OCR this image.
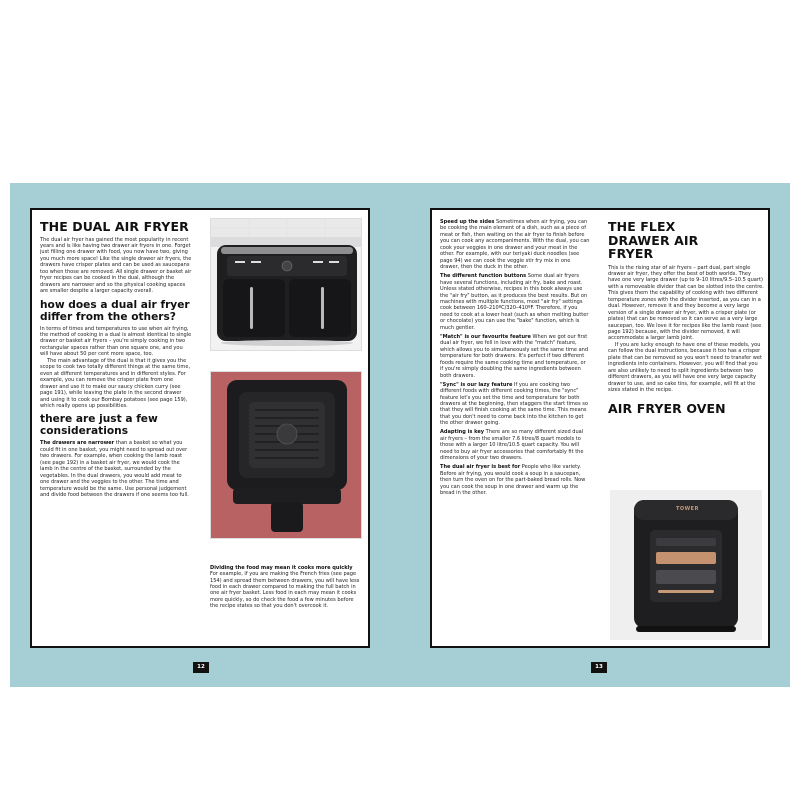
THE DUAL AIR FRYER

The dual air fryer has gained the most popularity in recent years and is like having two drawer air fryers in one. Forget just filling one drawer with food, you now have two, giving you much more space! Like the single drawer air fryers, the drawers have crisper plates and can be used as saucepans too when those are removed. All single drawer or basket air fryer recipes can be cooked in the dual, although the drawers are narrower and so the physical cooking spaces are smaller despite a larger capacity overall.

how does a dual air fryer differ from the others?

In terms of times and temperatures to use when air frying, the method of cooking in a dual is almost identical to single drawer or basket air fryers – you're simply cooking in two rectangular spaces rather than one square one, and you will have about 50 per cent more space, too.

The main advantage of the dual is that it gives you the scope to cook two totally different things at the same time, even at different temperatures and in different styles. For example, you can remove the crisper plate from one drawer and use it to make our saucy chicken curry (see page 191), while leaving the plate in the second drawer and using it to cook our Bombay potatoes (see page 159), which really opens up possibilities.

there are just a few considerations

The drawers are narrower than a basket so what you could fit in one basket, you might need to spread out over two drawers. For example, when cooking the lamb roast (see page 192) in a basket air fryer, we would cook the lamb in the centre of the basket, surrounded by the vegetables. In the dual drawers, you would add meat to one drawer and the veggies to the other. The time and temperature would be the same. Use personal judgement and divide food between the drawers if one seems too full.

Dividing the food may mean it cooks more quickly For example, if you are making the French fries (see page 154) and spread them between drawers, you will have less food in each drawer compared to making the full batch in one air fryer basket. Less food in each may mean it cooks more quickly, so do check the food a few minutes before the recipe states so that you don't overcook it.

Speed up the sides Sometimes when air frying, you can be cooking the main element of a dish, such as a piece of meat or fish, then waiting on the air fryer to finish before you can cook any accompaniments. With the dual, you can cook your veggies in one drawer and your meat in the other. For example, with our teriyaki duck noodles (see page 94) we can cook the veggie stir fry mix in one drawer, then the duck in the other.

The different function buttons Some dual air fryers have several functions, including air fry, bake and roast. Unless stated otherwise, recipes in this book always use the "air fry" button, as it produces the best results. But on machines with multiple functions, most "air fry" settings cook between 160–210ºC/320–410ºF. Therefore, if you need to cook at a lower heat (such as when melting butter or chocolate) you can use the "bake" function, which is much gentler.

"Match" is our favourite feature When we got our first dual air fryer, we fell in love with the "match" feature, which allows you to simultaneously set the same time and temperature for both drawers. It's perfect if two different foods require the same cooking time and temperature, or if you're simply doubling the same ingredients between both drawers.

"Sync" is our lazy feature If you are cooking two different foods with different cooking times, the "sync" feature let's you set the time and temperature for both drawers at the beginning, then staggers the start times so that they will finish cooking at the same time. This means that you don't need to come back into the kitchen to get the other drawer going.

Adapting is key There are so many different sized dual air fryers – from the smaller 7.6 litres/8 quart models to those with a larger 10 litre/10.5 quart capacity. You will need to buy air fryer accessories that comfortably fit the dimensions of your two drawers.

The dual air fryer is best for People who like variety. Before air frying, you would cook a soup in a saucepan, then turn the oven on for the part-baked bread rolls. Now you can cook the soup in one drawer and warm up the bread in the other.

THE FLEX DRAWER AIR FRYER

This is the rising star of air fryers – part dual, part single drawer air fryer, they offer the best of both worlds. They have one very large drawer (up to 9–10 litres/9.5–10.5 quart) with a removeable divider that can be slotted into the centre. This gives them the capability of cooking with two different temperature zones with the divider inserted, as you can in a dual. However, remove it and they become a very large version of a single drawer air fryer, with a crisper plate (or plates) that can be removed so it can serve as a very large saucepan, too. We love it for recipes like the lamb roast (see page 192) because, with the divider removed, it will accommodate a larger lamb joint.

If you are lucky enough to have one of these models, you can follow the dual instructions, because it too has a crisper plate that can be removed so you won't need to transfer wet ingredients into containers. However, you will find that you are also unlikely to need to split ingredients between two different drawers, as you will have one very large capacity drawer to use, and so cake tins, for example, will fit at the sizes stated in the recipe.

AIR FRYER OVEN
TOWER
12	13
